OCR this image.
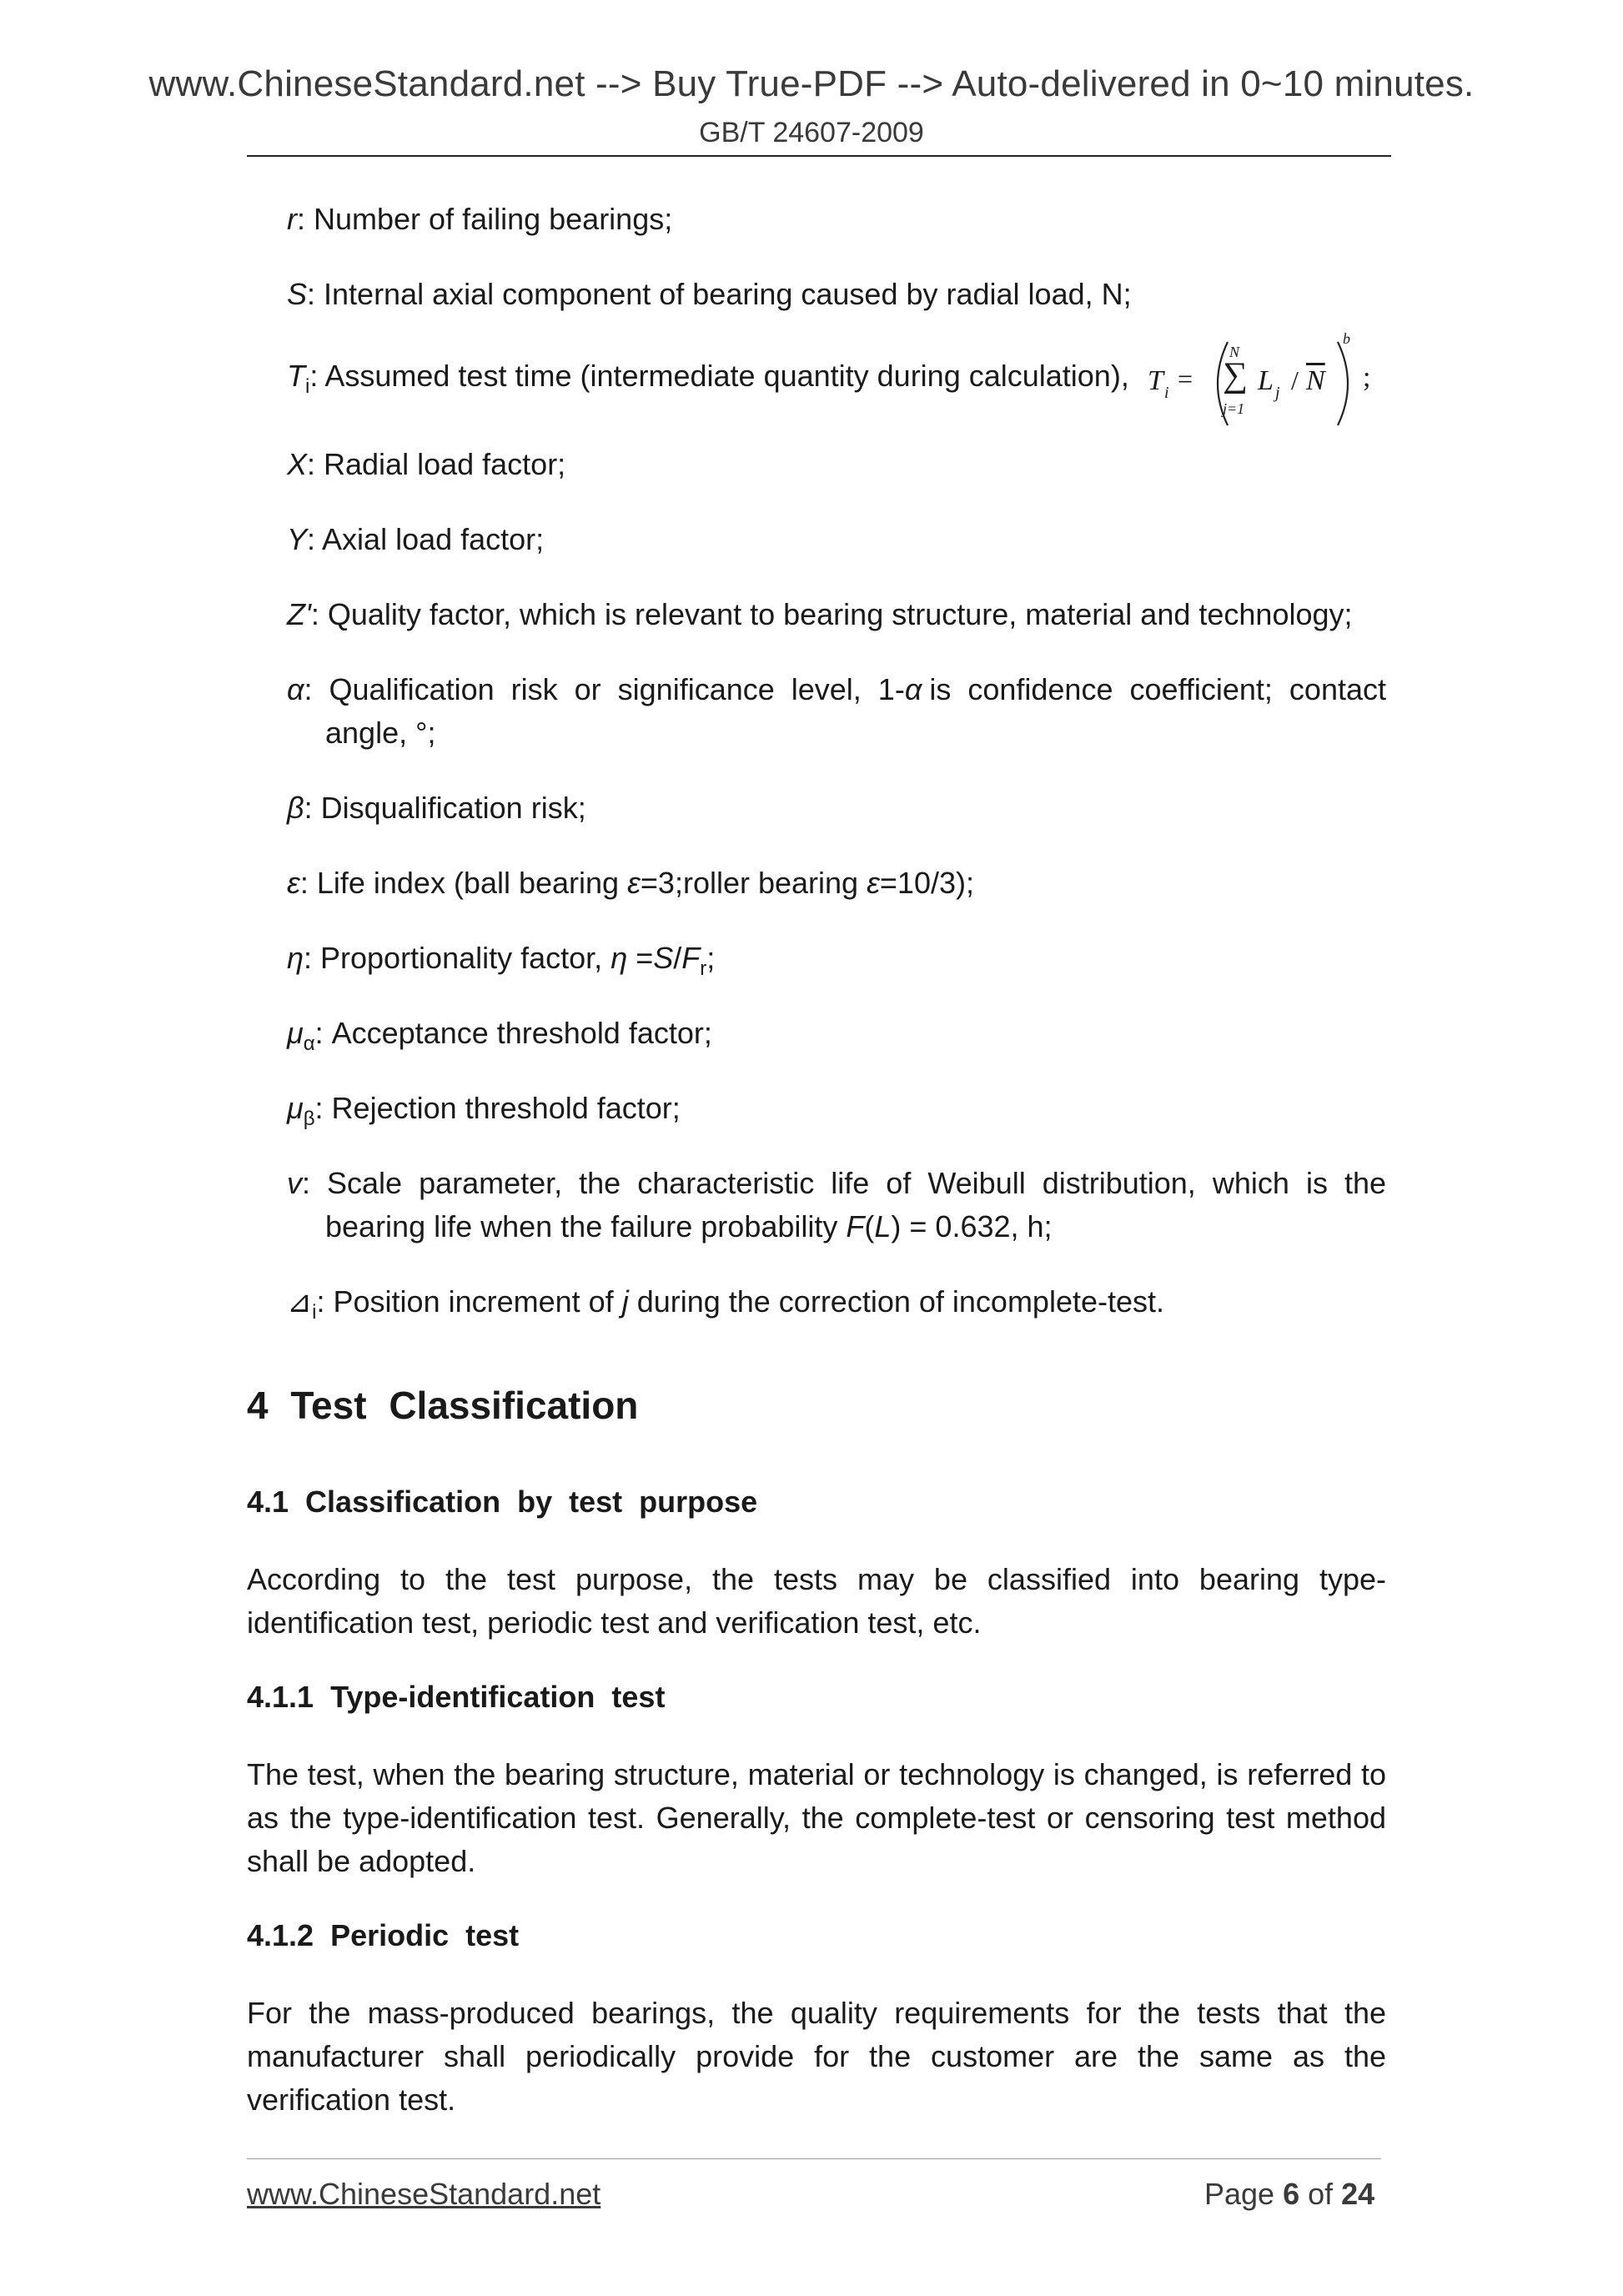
www.ChineseStandard.net --> Buy True-PDF --> Auto-delivered in 0~10 minutes.
GB/T 24607-2009
r: Number of failing bearings;
S: Internal axial component of bearing caused by radial load, N;
$T_i$: Assumed test time (intermediate quantity during calculation), T i =
N
∑
j=1
L j / $\overline{N}$
b
;
X: Radial load factor;
Y: Axial load factor;
Z': Quality factor, which is relevant to bearing structure, material and technology;
α:  Qualification  risk  or  significance  level,  1-α is  confidence  coefficient;  contact
angle, °;
β: Disqualification risk;
ε: Life index (ball bearing ε=3;roller bearing ε=10/3);
η: Proportionality factor, $\eta =S/F_r$;
$\mu_\alpha$: Acceptance threshold factor;
$\mu_\beta$: Rejection threshold factor;
v:  Scale  parameter,  the  characteristic  life  of  Weibull  distribution, which  is  the
bearing life when the failure probability F(L) = 0.632, h;
$⊿_i$: Position increment of j during the correction of incomplete-test.
4 Test Classification
4.1 Classification by test purpose
According to the test purpose, the tests may be classified into bearing type-identification test, periodic test and verification test, etc.
4.1.1 Type-identification test
The test, when the bearing structure, material or technology is changed, is referred to as the type-identification test. Generally, the complete-test or censoring test method shall be adopted.
4.1.2 Periodic test
For the mass-produced bearings, the quality requirements for the tests that the manufacturer shall periodically provide for the customer are the same as the verification test.
www.ChineseStandard.net	Page 6 of 24
